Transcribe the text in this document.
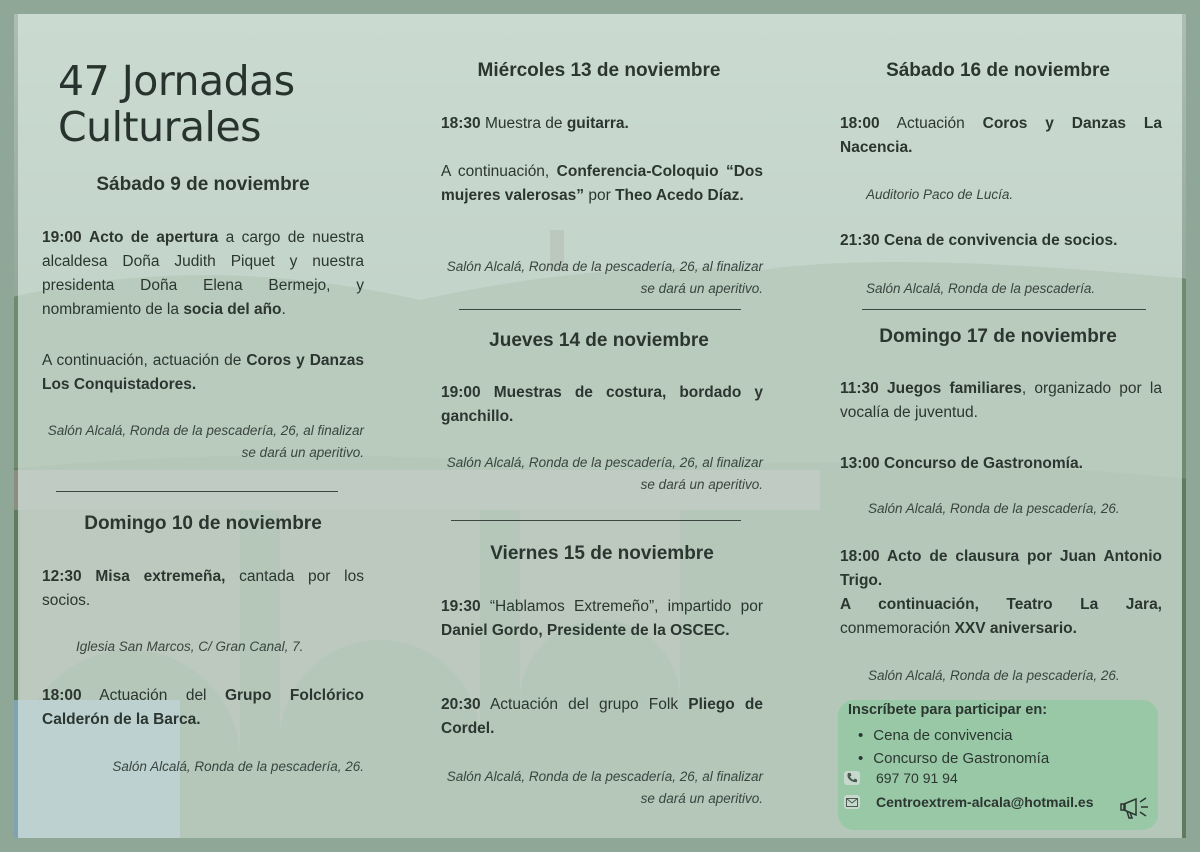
47 Jornadas Culturales
Sábado 9 de noviembre

19:00 Acto de apertura a cargo de nuestra alcaldesa Doña Judith Piquet y nuestra presidenta Doña Elena Bermejo, y nombramiento de la socia del año.

A continuación, actuación de Coros y Danzas Los Conquistadores.

Salón Alcalá, Ronda de la pescadería, 26, al finalizar se dará un aperitivo.

Domingo 10 de noviembre

12:30 Misa extremeña, cantada por los socios.

Iglesia San Marcos, C/ Gran Canal, 7.

18:00 Actuación del Grupo Folclórico Calderón de la Barca.

Salón Alcalá, Ronda de la pescadería, 26.

Miércoles 13 de noviembre

18:30 Muestra de guitarra.

A continuación, Conferencia-Coloquio “Dos mujeres valerosas” por Theo Acedo Díaz.

Salón Alcalá, Ronda de la pescadería, 26, al finalizar se dará un aperitivo.

Jueves 14 de noviembre

19:00 Muestras de costura, bordado y ganchillo.

Salón Alcalá, Ronda de la pescadería, 26, al finalizar se dará un aperitivo.

Viernes 15 de noviembre

19:30 “Hablamos Extremeño”, impartido por Daniel Gordo, Presidente de la OSCEC.

20:30 Actuación del grupo Folk Pliego de Cordel.

Salón Alcalá, Ronda de la pescadería, 26, al finalizar se dará un aperitivo.

Sábado 16 de noviembre

18:00 Actuación Coros y Danzas La Nacencia.

Auditorio Paco de Lucía.

21:30 Cena de convivencia de socios.

Salón Alcalá, Ronda de la pescadería.

Domingo 17 de noviembre

11:30 Juegos familiares, organizado por la vocalía de juventud.

13:00 Concurso de Gastronomía.

Salón Alcalá, Ronda de la pescadería, 26.

18:00 Acto de clausura por Juan Antonio Trigo.
A continuación, Teatro La Jara, conmemoración XXV aniversario.

Salón Alcalá, Ronda de la pescadería, 26.

Inscríbete para participar en:
• Cena de convivencia
• Concurso de Gastronomía
697 70 91 94
Centroextrem-alcala@hotmail.es
